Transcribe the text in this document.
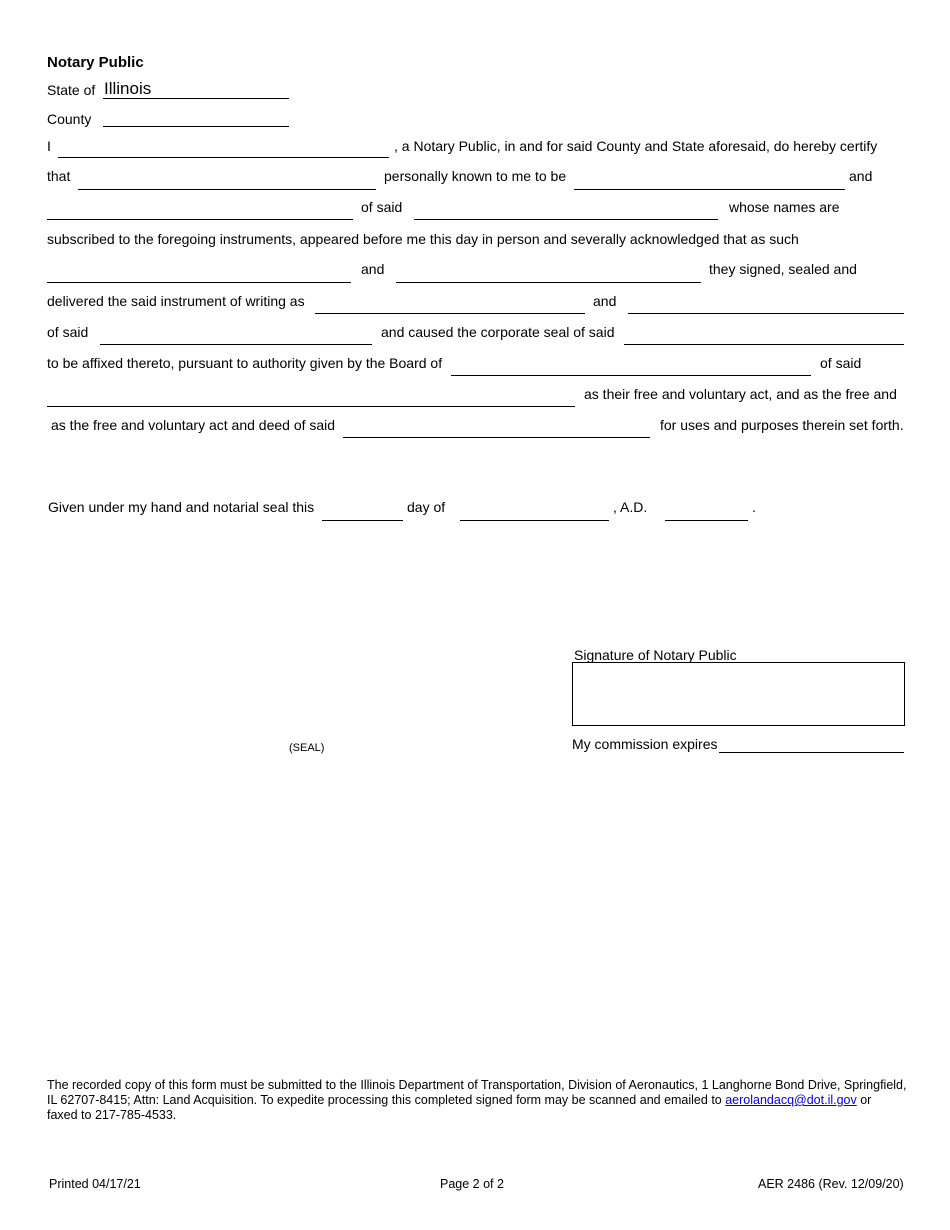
Notary Public
State of Illinois
County
I	, a Notary Public, in and for said County and State aforesaid, do hereby certify
that	personally known to me to be	and
of said	whose names are
subscribed to the foregoing instruments, appeared before me this day in person and severally acknowledged that as such
and	they signed, sealed and
delivered the said instrument of writing as	and
of said	and caused the corporate seal of said
to be affixed thereto, pursuant to authority given by the Board of	of said
as their free and voluntary act, and as the free and
as the free and voluntary act and deed of said	for uses and purposes therein set forth.
Given under my hand and notarial seal this	day of	, A.D.	.
Signature of Notary Public
(SEAL)	My commission expires
The recorded copy of this form must be submitted to the Illinois Department of Transportation, Division of Aeronautics, 1 Langhorne Bond Drive, Springfield,
IL 62707-8415; Attn: Land Acquisition. To expedite processing this completed signed form may be scanned and emailed to aerolandacq@dot.il.gov or
faxed to 217-785-4533.
Printed 04/17/21	Page 2 of 2	AER 2486 (Rev. 12/09/20)
